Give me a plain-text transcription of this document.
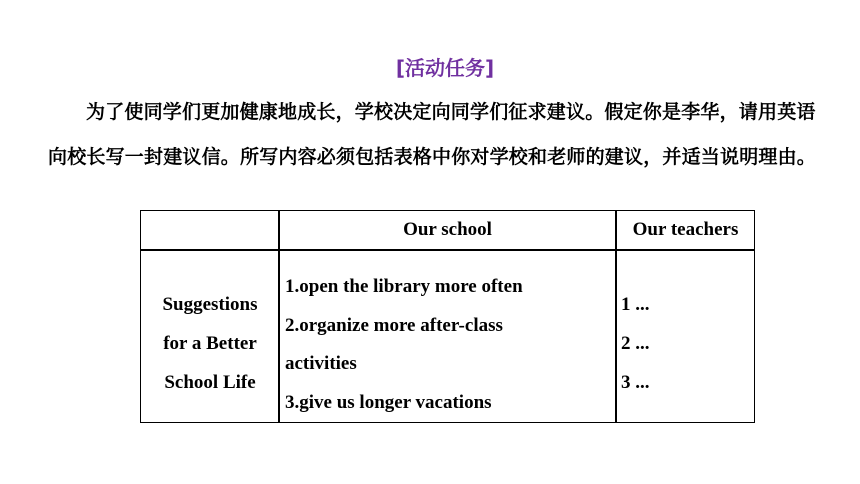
[活动任务]
为了使同学们更加健康地成长，学校决定向同学们征求建议。假定你是李华，请用英语向校长写一封建议信。所写内容必须包括表格中你对学校和老师的建议，并适当说明理由。
Our school	Our teachers
Suggestions
for a Better
School Life
1.open the library more often
2.organize more after-class
activities
3.give us longer vacations
1 ...
2 ...
3 ...
